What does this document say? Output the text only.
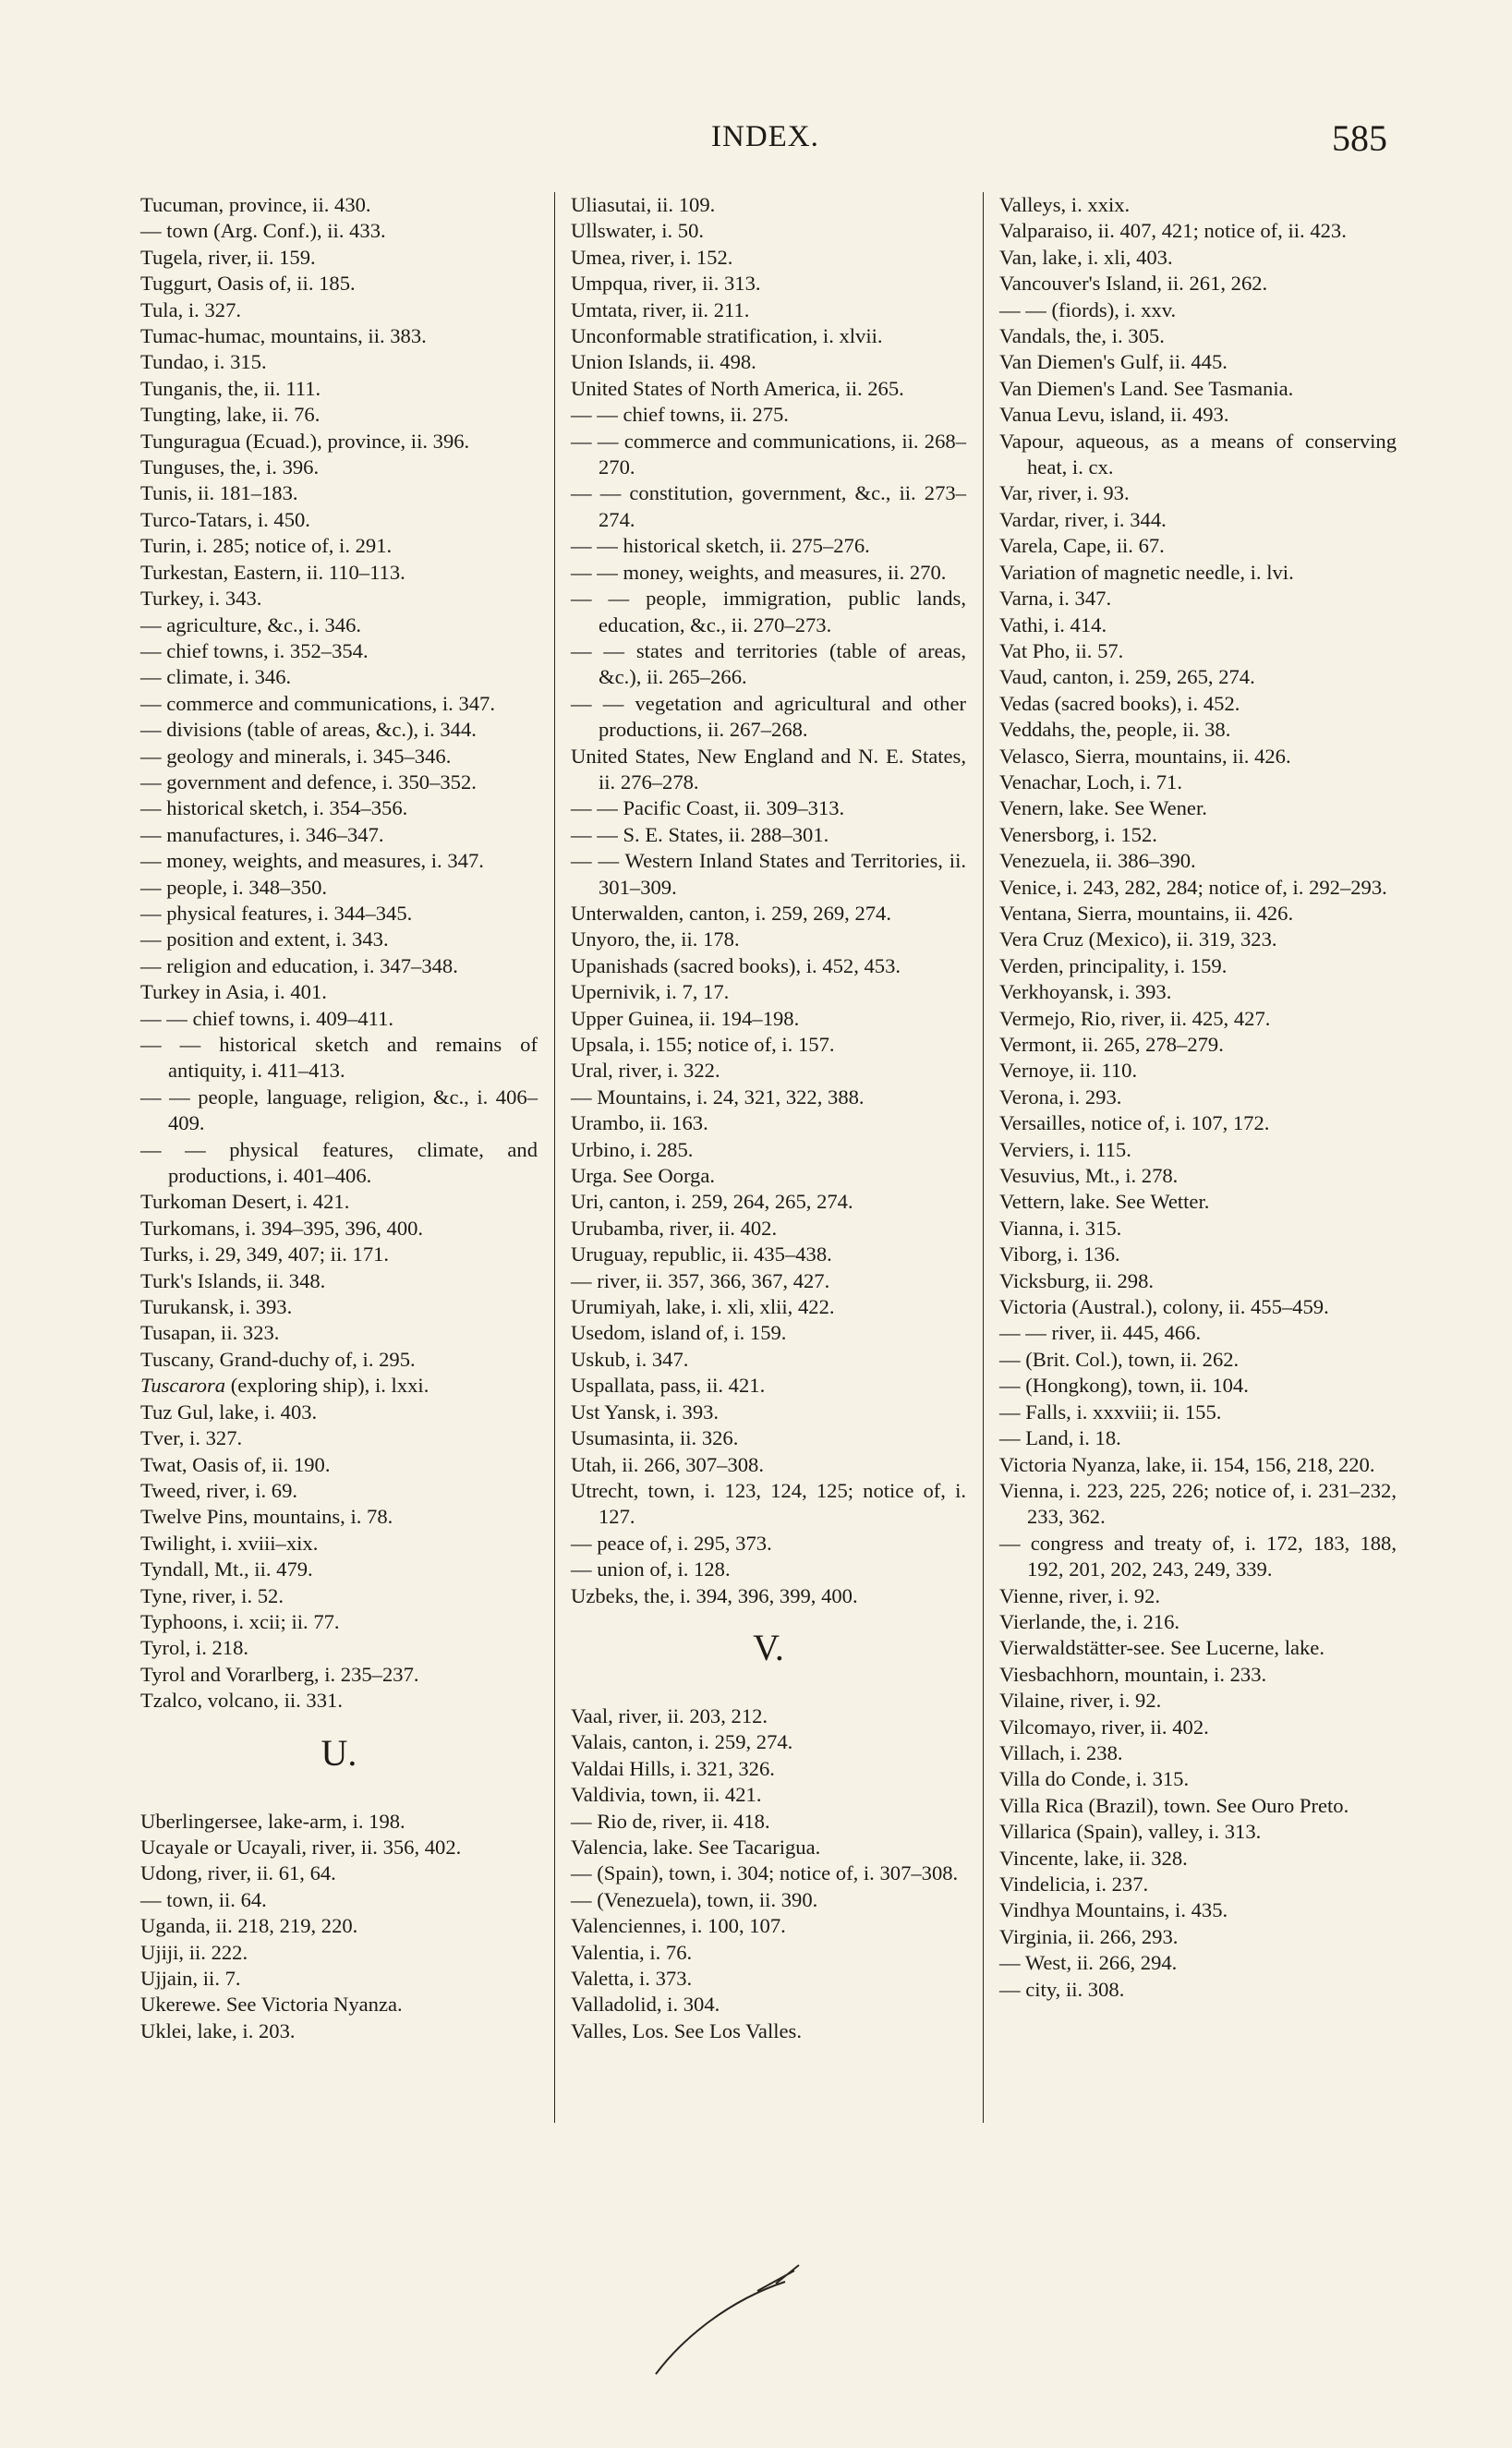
INDEX.	585
Tucuman, province, ii. 430.
— town (Arg. Conf.), ii. 433.
Tugela, river, ii. 159.
Tuggurt, Oasis of, ii. 185.
Tula, i. 327.
Tumac-humac, mountains, ii. 383.
Tundao, i. 315.
Tunganis, the, ii. 111.
Tungting, lake, ii. 76.
Tunguragua (Ecuad.), province, ii. 396.
Tunguses, the, i. 396.
Tunis, ii. 181–183.
Turco-Tatars, i. 450.
Turin, i. 285; notice of, i. 291.
Turkestan, Eastern, ii. 110–113.
Turkey, i. 343.
— agriculture, &c., i. 346.
— chief towns, i. 352–354.
— climate, i. 346.
— commerce and communications, i. 347.
— divisions (table of areas, &c.), i. 344.
— geology and minerals, i. 345–346.
— government and defence, i. 350–352.
— historical sketch, i. 354–356.
— manufactures, i. 346–347.
— money, weights, and measures, i. 347.
— people, i. 348–350.
— physical features, i. 344–345.
— position and extent, i. 343.
— religion and education, i. 347–348.
Turkey in Asia, i. 401.
— — chief towns, i. 409–411.
— — historical sketch and remains of antiquity, i. 411–413.
— — people, language, religion, &c., i. 406–409.
— — physical features, climate, and productions, i. 401–406.
Turkoman Desert, i. 421.
Turkomans, i. 394–395, 396, 400.
Turks, i. 29, 349, 407; ii. 171.
Turk's Islands, ii. 348.
Turukansk, i. 393.
Tusapan, ii. 323.
Tuscany, Grand-duchy of, i. 295.
Tuscarora (exploring ship), i. lxxi.
Tuz Gul, lake, i. 403.
Tver, i. 327.
Twat, Oasis of, ii. 190.
Tweed, river, i. 69.
Twelve Pins, mountains, i. 78.
Twilight, i. xviii–xix.
Tyndall, Mt., ii. 479.
Tyne, river, i. 52.
Typhoons, i. xcii; ii. 77.
Tyrol, i. 218.
Tyrol and Vorarlberg, i. 235–237.
Tzalco, volcano, ii. 331.
U.
Uberlingersee, lake-arm, i. 198.
Ucayale or Ucayali, river, ii. 356, 402.
Udong, river, ii. 61, 64.
— town, ii. 64.
Uganda, ii. 218, 219, 220.
Ujiji, ii. 222.
Ujjain, ii. 7.
Ukerewe. See Victoria Nyanza.
Uklei, lake, i. 203.
Uliasutai, ii. 109.
Ullswater, i. 50.
Umea, river, i. 152.
Umpqua, river, ii. 313.
Umtata, river, ii. 211.
Unconformable stratification, i. xlvii.
Union Islands, ii. 498.
United States of North America, ii. 265.
— — chief towns, ii. 275.
— — commerce and communications, ii. 268–270.
— — constitution, government, &c., ii. 273–274.
— — historical sketch, ii. 275–276.
— — money, weights, and measures, ii. 270.
— — people, immigration, public lands, education, &c., ii. 270–273.
— — states and territories (table of areas, &c.), ii. 265–266.
— — vegetation and agricultural and other productions, ii. 267–268.
United States, New England and N. E. States, ii. 276–278.
— — Pacific Coast, ii. 309–313.
— — S. E. States, ii. 288–301.
— — Western Inland States and Territories, ii. 301–309.
Unterwalden, canton, i. 259, 269, 274.
Unyoro, the, ii. 178.
Upanishads (sacred books), i. 452, 453.
Upernivik, i. 7, 17.
Upper Guinea, ii. 194–198.
Upsala, i. 155; notice of, i. 157.
Ural, river, i. 322.
— Mountains, i. 24, 321, 322, 388.
Urambo, ii. 163.
Urbino, i. 285.
Urga. See Oorga.
Uri, canton, i. 259, 264, 265, 274.
Urubamba, river, ii. 402.
Uruguay, republic, ii. 435–438.
— river, ii. 357, 366, 367, 427.
Urumiyah, lake, i. xli, xlii, 422.
Usedom, island of, i. 159.
Uskub, i. 347.
Uspallata, pass, ii. 421.
Ust Yansk, i. 393.
Usumasinta, ii. 326.
Utah, ii. 266, 307–308.
Utrecht, town, i. 123, 124, 125; notice of, i. 127.
— peace of, i. 295, 373.
— union of, i. 128.
Uzbeks, the, i. 394, 396, 399, 400.
V.
Vaal, river, ii. 203, 212.
Valais, canton, i. 259, 274.
Valdai Hills, i. 321, 326.
Valdivia, town, ii. 421.
— Rio de, river, ii. 418.
Valencia, lake. See Tacarigua.
— (Spain), town, i. 304; notice of, i. 307–308.
— (Venezuela), town, ii. 390.
Valenciennes, i. 100, 107.
Valentia, i. 76.
Valetta, i. 373.
Valladolid, i. 304.
Valles, Los. See Los Valles.
Valleys, i. xxix.
Valparaiso, ii. 407, 421; notice of, ii. 423.
Van, lake, i. xli, 403.
Vancouver's Island, ii. 261, 262.
— — (fiords), i. xxv.
Vandals, the, i. 305.
Van Diemen's Gulf, ii. 445.
Van Diemen's Land. See Tasmania.
Vanua Levu, island, ii. 493.
Vapour, aqueous, as a means of conserving heat, i. cx.
Var, river, i. 93.
Vardar, river, i. 344.
Varela, Cape, ii. 67.
Variation of magnetic needle, i. lvi.
Varna, i. 347.
Vathi, i. 414.
Vat Pho, ii. 57.
Vaud, canton, i. 259, 265, 274.
Vedas (sacred books), i. 452.
Veddahs, the, people, ii. 38.
Velasco, Sierra, mountains, ii. 426.
Venachar, Loch, i. 71.
Venern, lake. See Wener.
Venersborg, i. 152.
Venezuela, ii. 386–390.
Venice, i. 243, 282, 284; notice of, i. 292–293.
Ventana, Sierra, mountains, ii. 426.
Vera Cruz (Mexico), ii. 319, 323.
Verden, principality, i. 159.
Verkhoyansk, i. 393.
Vermejo, Rio, river, ii. 425, 427.
Vermont, ii. 265, 278–279.
Vernoye, ii. 110.
Verona, i. 293.
Versailles, notice of, i. 107, 172.
Verviers, i. 115.
Vesuvius, Mt., i. 278.
Vettern, lake. See Wetter.
Vianna, i. 315.
Viborg, i. 136.
Vicksburg, ii. 298.
Victoria (Austral.), colony, ii. 455–459.
— — river, ii. 445, 466.
— (Brit. Col.), town, ii. 262.
— (Hongkong), town, ii. 104.
— Falls, i. xxxviii; ii. 155.
— Land, i. 18.
Victoria Nyanza, lake, ii. 154, 156, 218, 220.
Vienna, i. 223, 225, 226; notice of, i. 231–232, 233, 362.
— congress and treaty of, i. 172, 183, 188, 192, 201, 202, 243, 249, 339.
Vienne, river, i. 92.
Vierlande, the, i. 216.
Vierwaldstätter-see. See Lucerne, lake.
Viesbachhorn, mountain, i. 233.
Vilaine, river, i. 92.
Vilcomayo, river, ii. 402.
Villach, i. 238.
Villa do Conde, i. 315.
Villa Rica (Brazil), town. See Ouro Preto.
Villarica (Spain), valley, i. 313.
Vincente, lake, ii. 328.
Vindelicia, i. 237.
Vindhya Mountains, i. 435.
Virginia, ii. 266, 293.
— West, ii. 266, 294.
— city, ii. 308.
